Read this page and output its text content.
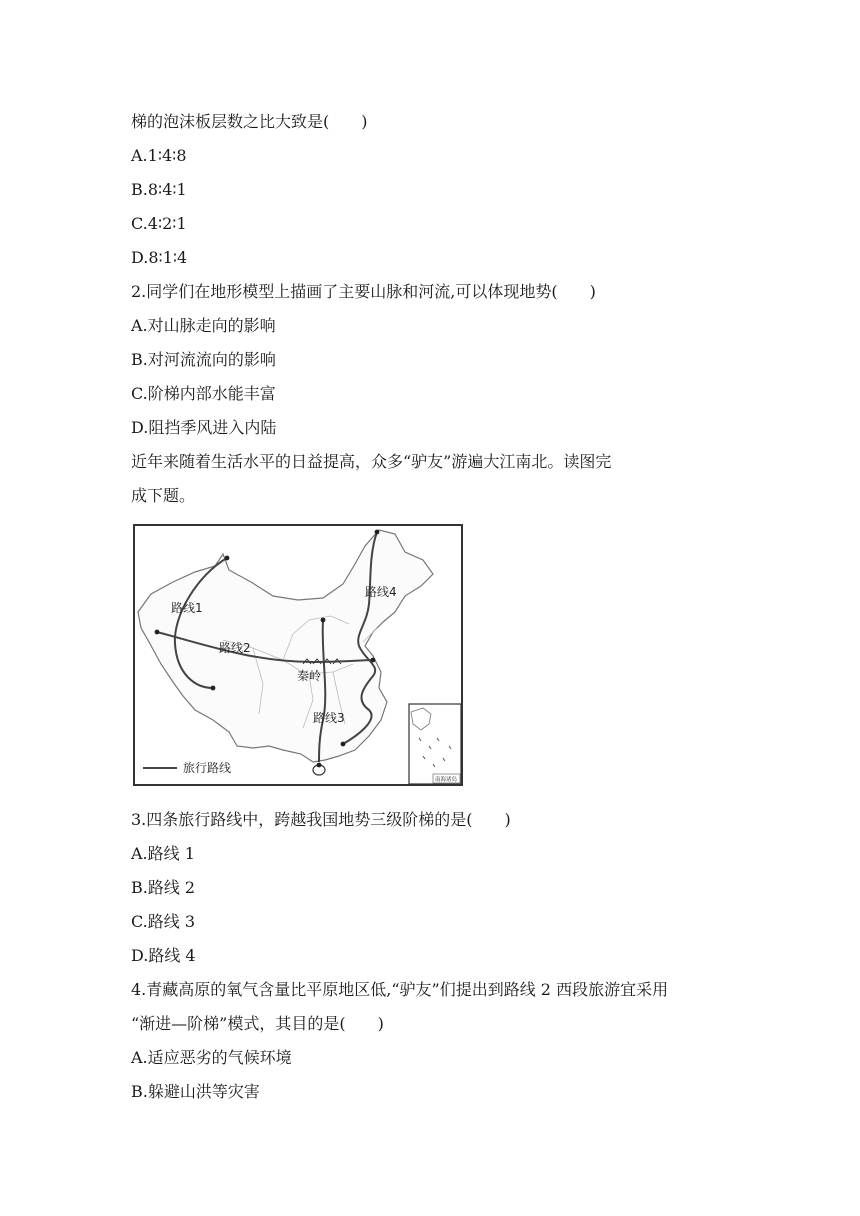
梯的泡沫板层数之比大致是(　　)
A.1∶4∶8
B.8∶4∶1
C.4∶2∶1
D.8∶1∶4
2.同学们在地形模型上描画了主要山脉和河流,可以体现地势(　　)
A.对山脉走向的影响
B.对河流流向的影响
C.阶梯内部水能丰富
D.阻挡季风进入内陆
近年来随着生活水平的日益提高，众多“驴友”游遍大江南北。读图完
成下题。
路线1
路线2
路线3
路线4
秦岭
旅行路线
南海诸岛
3.四条旅行路线中，跨越我国地势三级阶梯的是(　　)
A.路线 1
B.路线 2
C.路线 3
D.路线 4
4.青藏高原的氧气含量比平原地区低,“驴友”们提出到路线 2 西段旅游宜采用
“渐进—阶梯”模式，其目的是(　　)
A.适应恶劣的气候环境
B.躲避山洪等灾害
